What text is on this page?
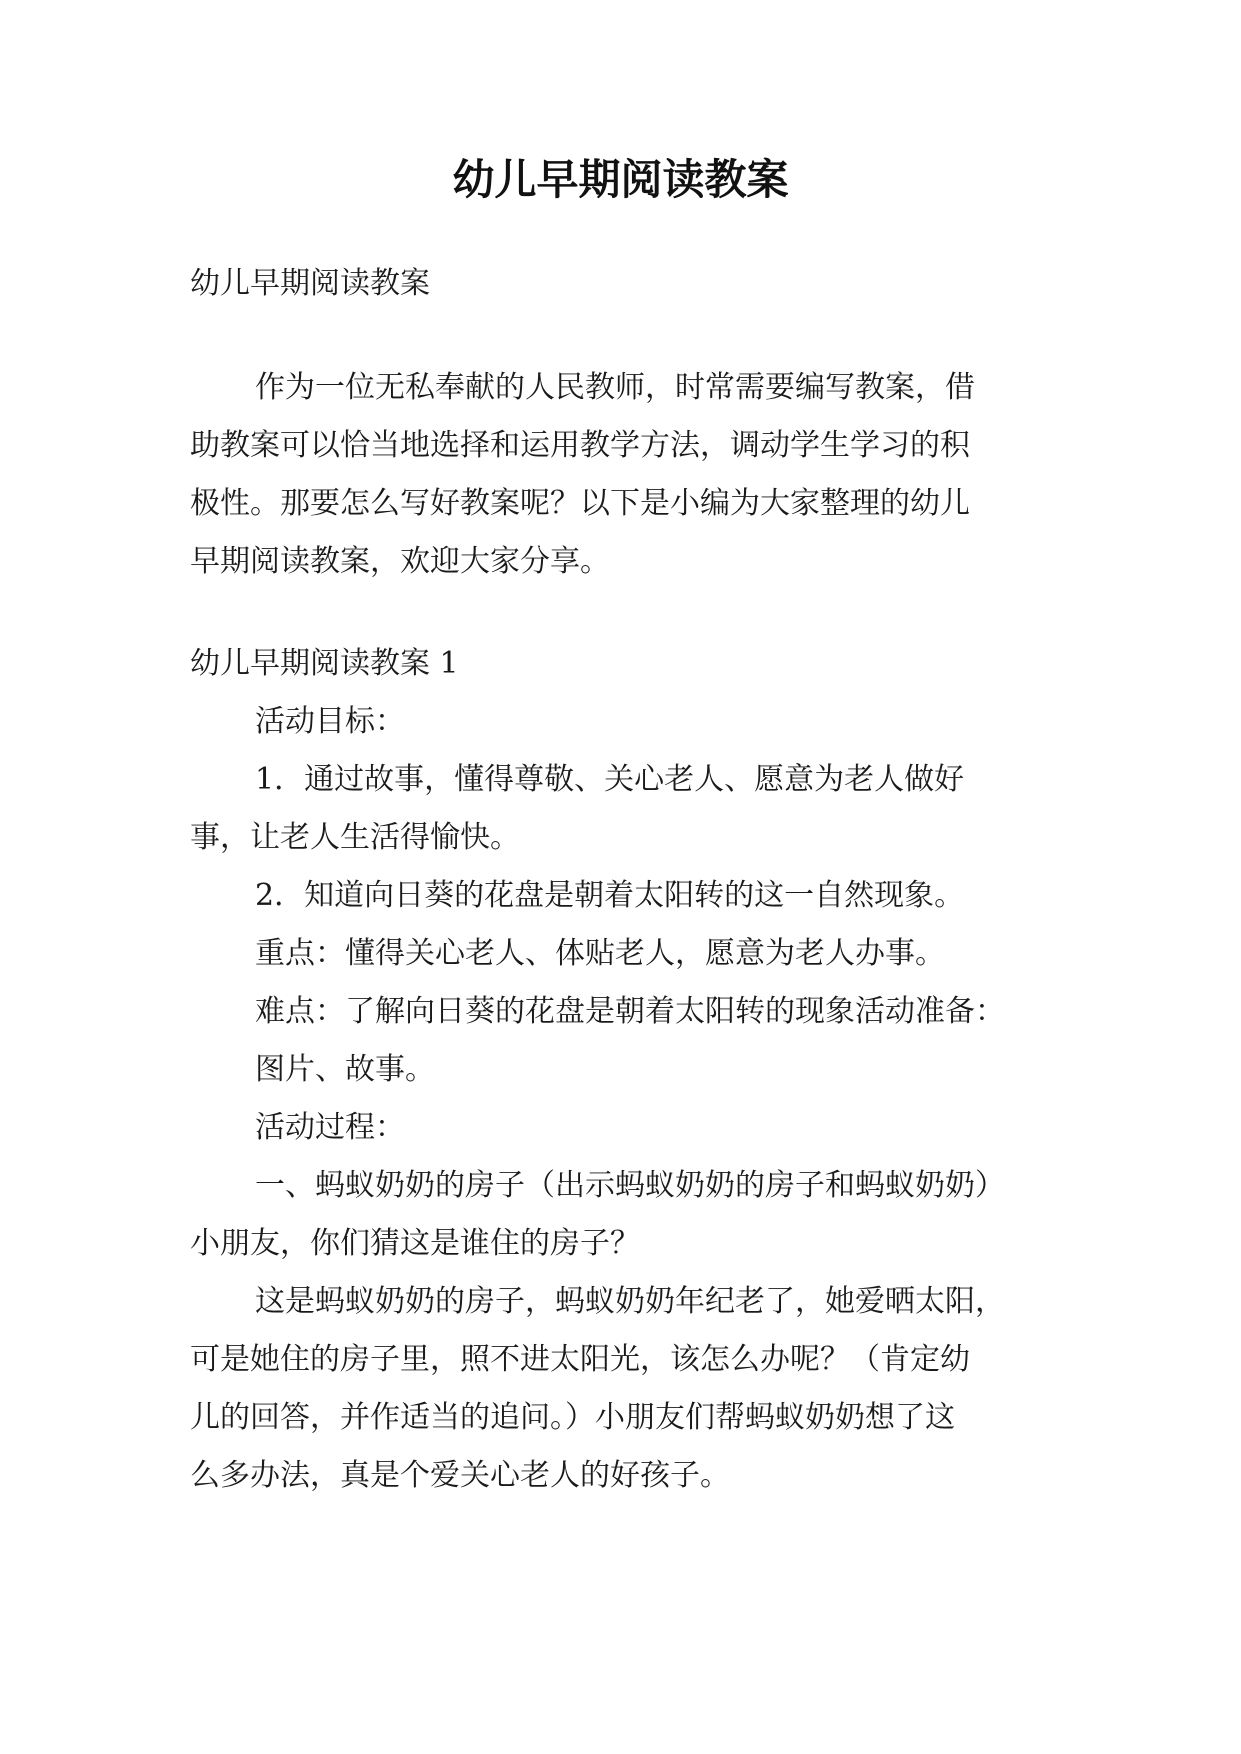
幼儿早期阅读教案

幼儿早期阅读教案

作为一位无私奉献的人民教师，时常需要编写教案，借

助教案可以恰当地选择和运用教学方法，调动学生学习的积

极性。那要怎么写好教案呢？以下是小编为大家整理的幼儿

早期阅读教案，欢迎大家分享。

幼儿早期阅读教案 1

活动目标：

1．通过故事，懂得尊敬、关心老人、愿意为老人做好

事，让老人生活得愉快。

2．知道向日葵的花盘是朝着太阳转的这一自然现象。

重点：懂得关心老人、体贴老人，愿意为老人办事。

难点：了解向日葵的花盘是朝着太阳转的现象活动准备：

图片、故事。

活动过程：

一、蚂蚁奶奶的房子（出示蚂蚁奶奶的房子和蚂蚁奶奶）

小朋友，你们猜这是谁住的房子？

这是蚂蚁奶奶的房子，蚂蚁奶奶年纪老了，她爱晒太阳，

可是她住的房子里，照不进太阳光，该怎么办呢？（肯定幼

儿的回答，并作适当的追问。）小朋友们帮蚂蚁奶奶想了这

么多办法，真是个爱关心老人的好孩子。
